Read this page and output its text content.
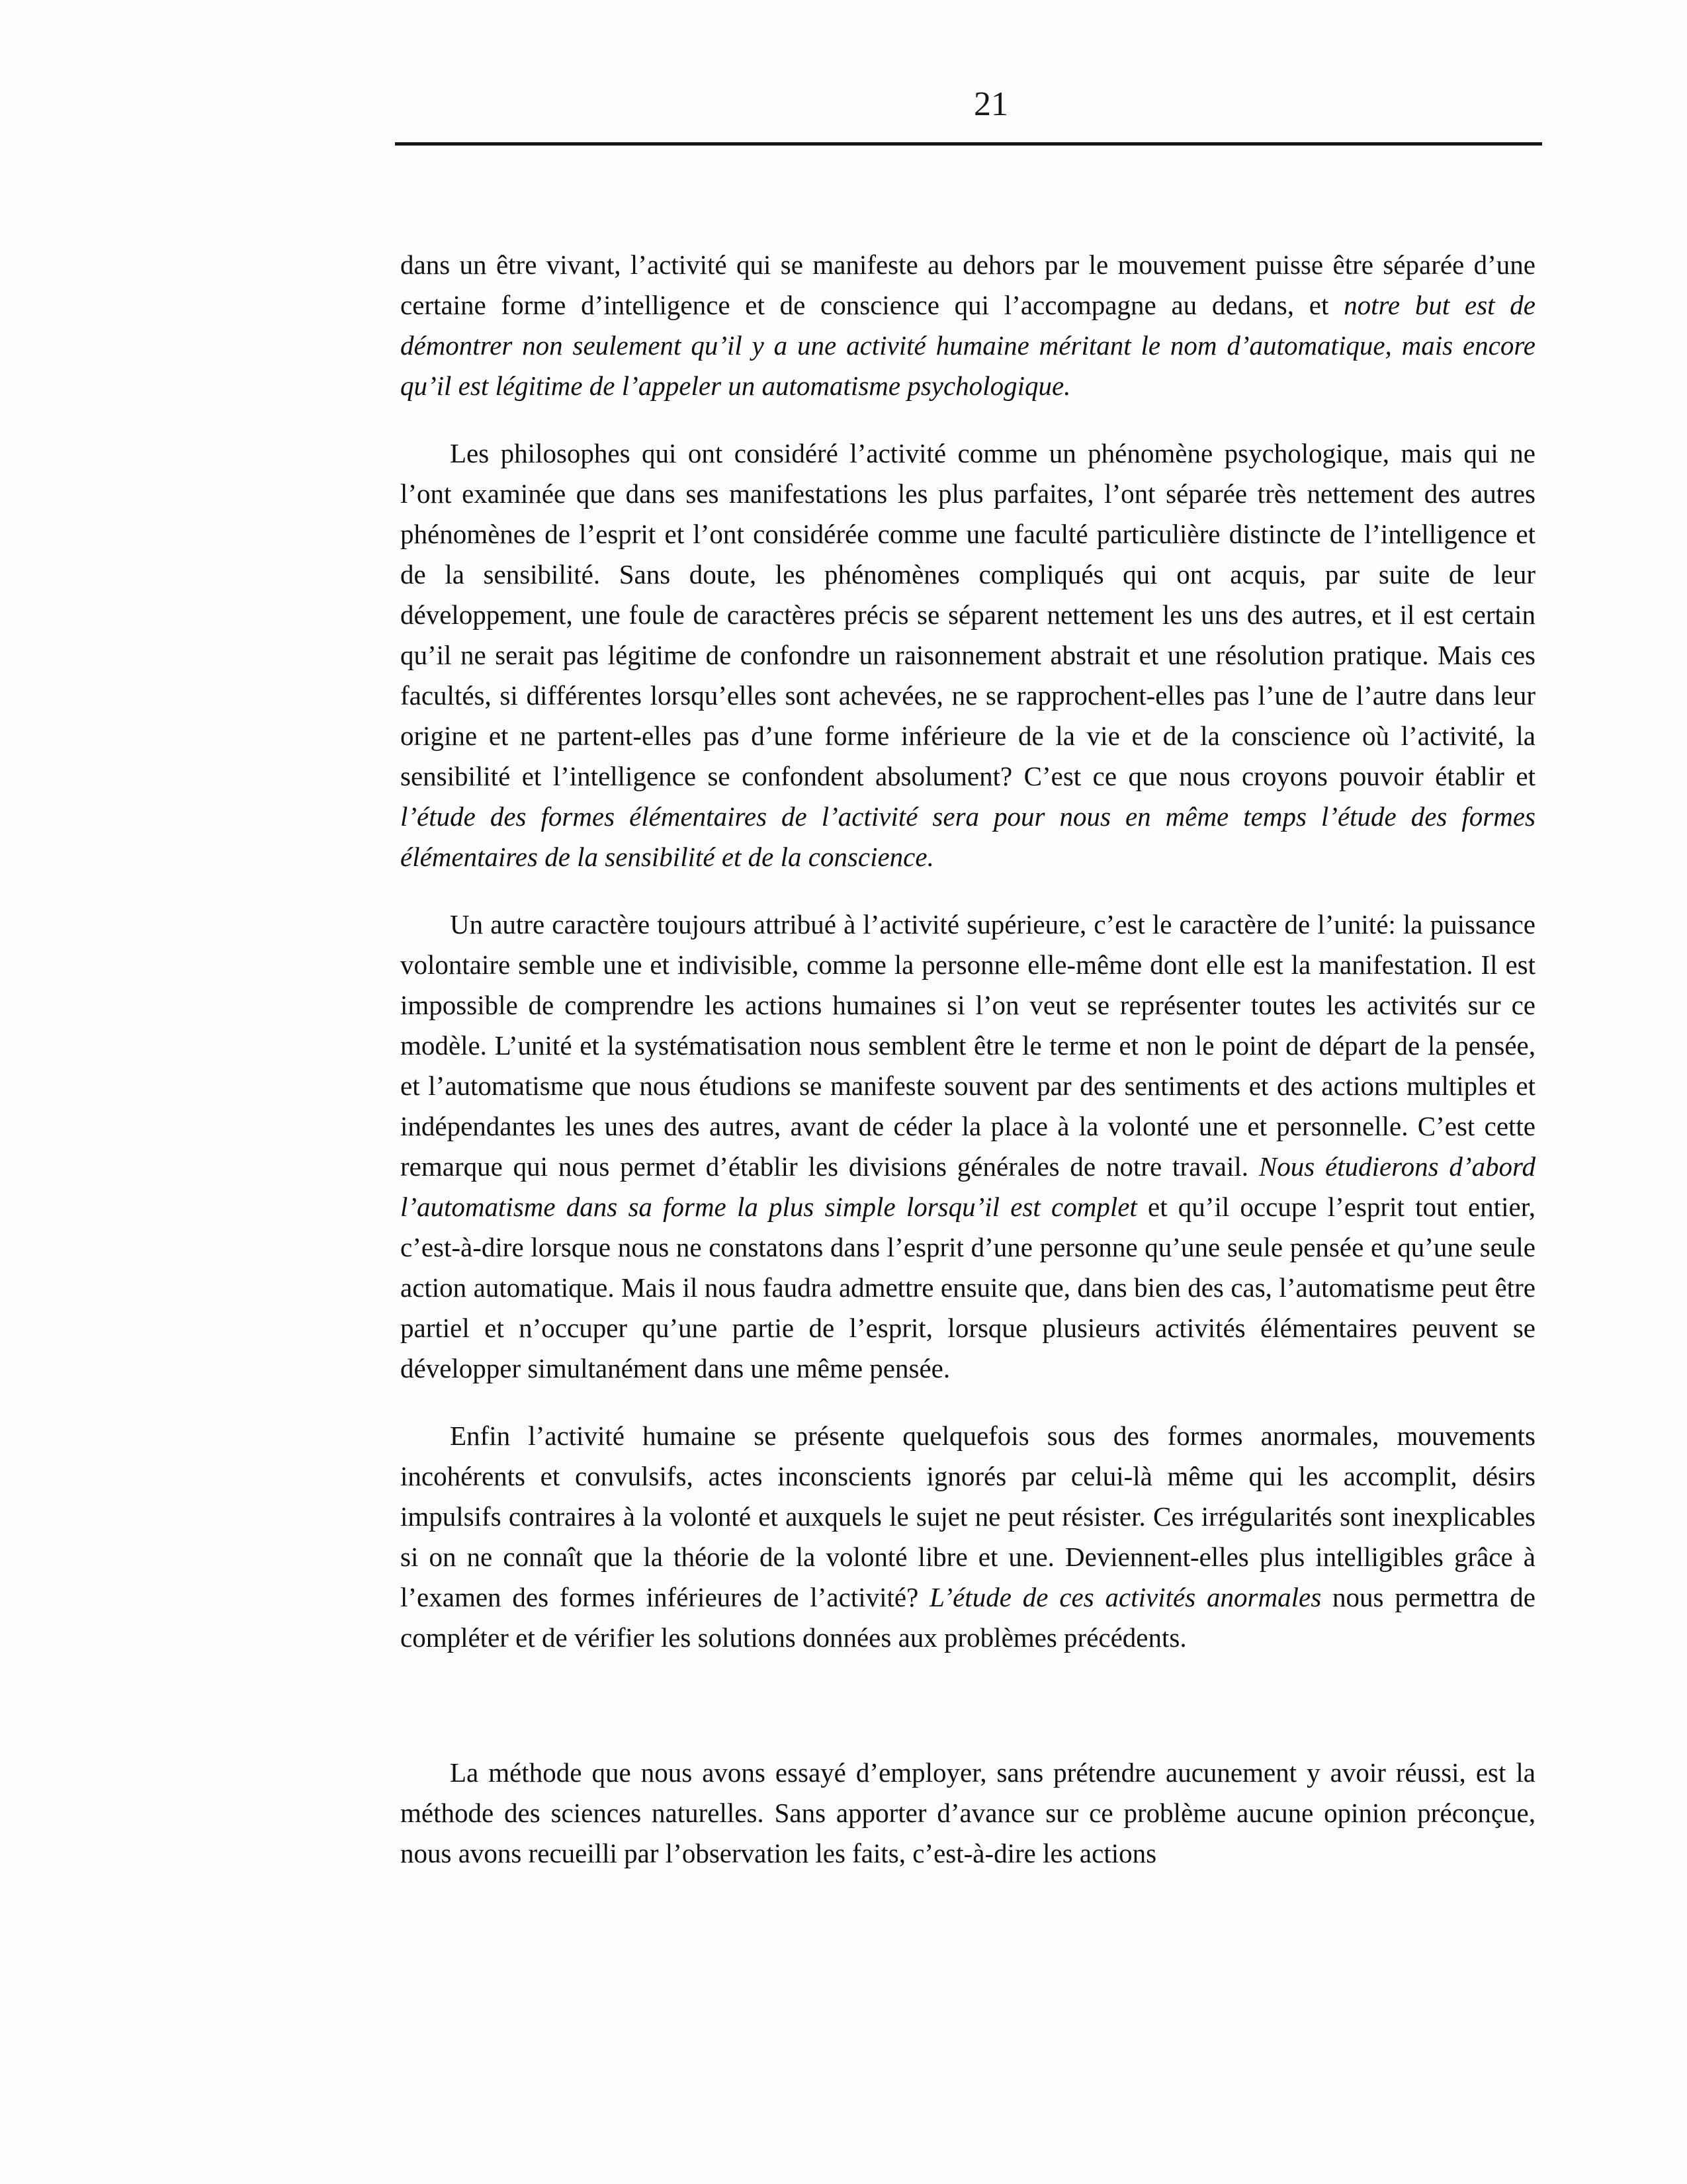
21

dans un être vivant, l’activité qui se manifeste au dehors par le mouvement puisse être séparée d’une certaine forme d’intelligence et de conscience qui l’accompagne au dedans, et notre but est de démontrer non seulement qu’il y a une activité humaine méritant le nom d’automatique, mais encore qu’il est légitime de l’appeler un automatisme psychologique.

Les philosophes qui ont considéré l’activité comme un phénomène psychologique, mais qui ne l’ont examinée que dans ses manifestations les plus parfaites, l’ont séparée très nettement des autres phénomènes de l’esprit et l’ont considérée comme une faculté particulière distincte de l’intelligence et de la sensibilité. Sans doute, les phénomènes compliqués qui ont acquis, par suite de leur développement, une foule de caractères précis se séparent nettement les uns des autres, et il est certain qu’il ne serait pas légitime de confondre un raisonnement abstrait et une résolution pratique. Mais ces facultés, si différentes lorsqu’elles sont achevées, ne se rapprochent-elles pas l’une de l’autre dans leur origine et ne partent-elles pas d’une forme inférieure de la vie et de la conscience où l’activité, la sensibilité et l’intelligence se confondent absolument? C’est ce que nous croyons pouvoir établir et l’étude des formes élémentaires de l’activité sera pour nous en même temps l’étude des formes élémentaires de la sensibilité et de la conscience.

Un autre caractère toujours attribué à l’activité supérieure, c’est le caractère de l’unité: la puissance volontaire semble une et indivisible, comme la personne elle-même dont elle est la manifestation. Il est impossible de comprendre les actions humaines si l’on veut se représenter toutes les activités sur ce modèle. L’unité et la systématisation nous semblent être le terme et non le point de départ de la pensée, et l’automatisme que nous étudions se manifeste souvent par des sentiments et des actions multiples et indépendantes les unes des autres, avant de céder la place à la volonté une et personnelle. C’est cette remarque qui nous permet d’établir les divisions générales de notre travail. Nous étudierons d’abord l’automatisme dans sa forme la plus simple lorsqu’il est complet et qu’il occupe l’esprit tout entier, c’est-à-dire lorsque nous ne constatons dans l’esprit d’une personne qu’une seule pensée et qu’une seule action automatique. Mais il nous faudra admettre ensuite que, dans bien des cas, l’automatisme peut être partiel et n’occuper qu’une partie de l’esprit, lorsque plusieurs activités élémentaires peuvent se développer simultanément dans une même pensée.

Enfin l’activité humaine se présente quelquefois sous des formes anormales, mouvements incohérents et convulsifs, actes inconscients ignorés par celui-là même qui les accomplit, désirs impulsifs contraires à la volonté et auxquels le sujet ne peut résister. Ces irrégularités sont inexplicables si on ne connaît que la théorie de la volonté libre et une. Deviennent-elles plus intelligibles grâce à l’examen des formes inférieures de l’activité? L’étude de ces activités anormales nous permettra de compléter et de vérifier les solutions données aux problèmes précédents.

La méthode que nous avons essayé d’employer, sans prétendre aucunement y avoir réussi, est la méthode des sciences naturelles. Sans apporter d’avance sur ce problème aucune opinion préconçue, nous avons recueilli par l’observation les faits, c’est-à-dire les actions
